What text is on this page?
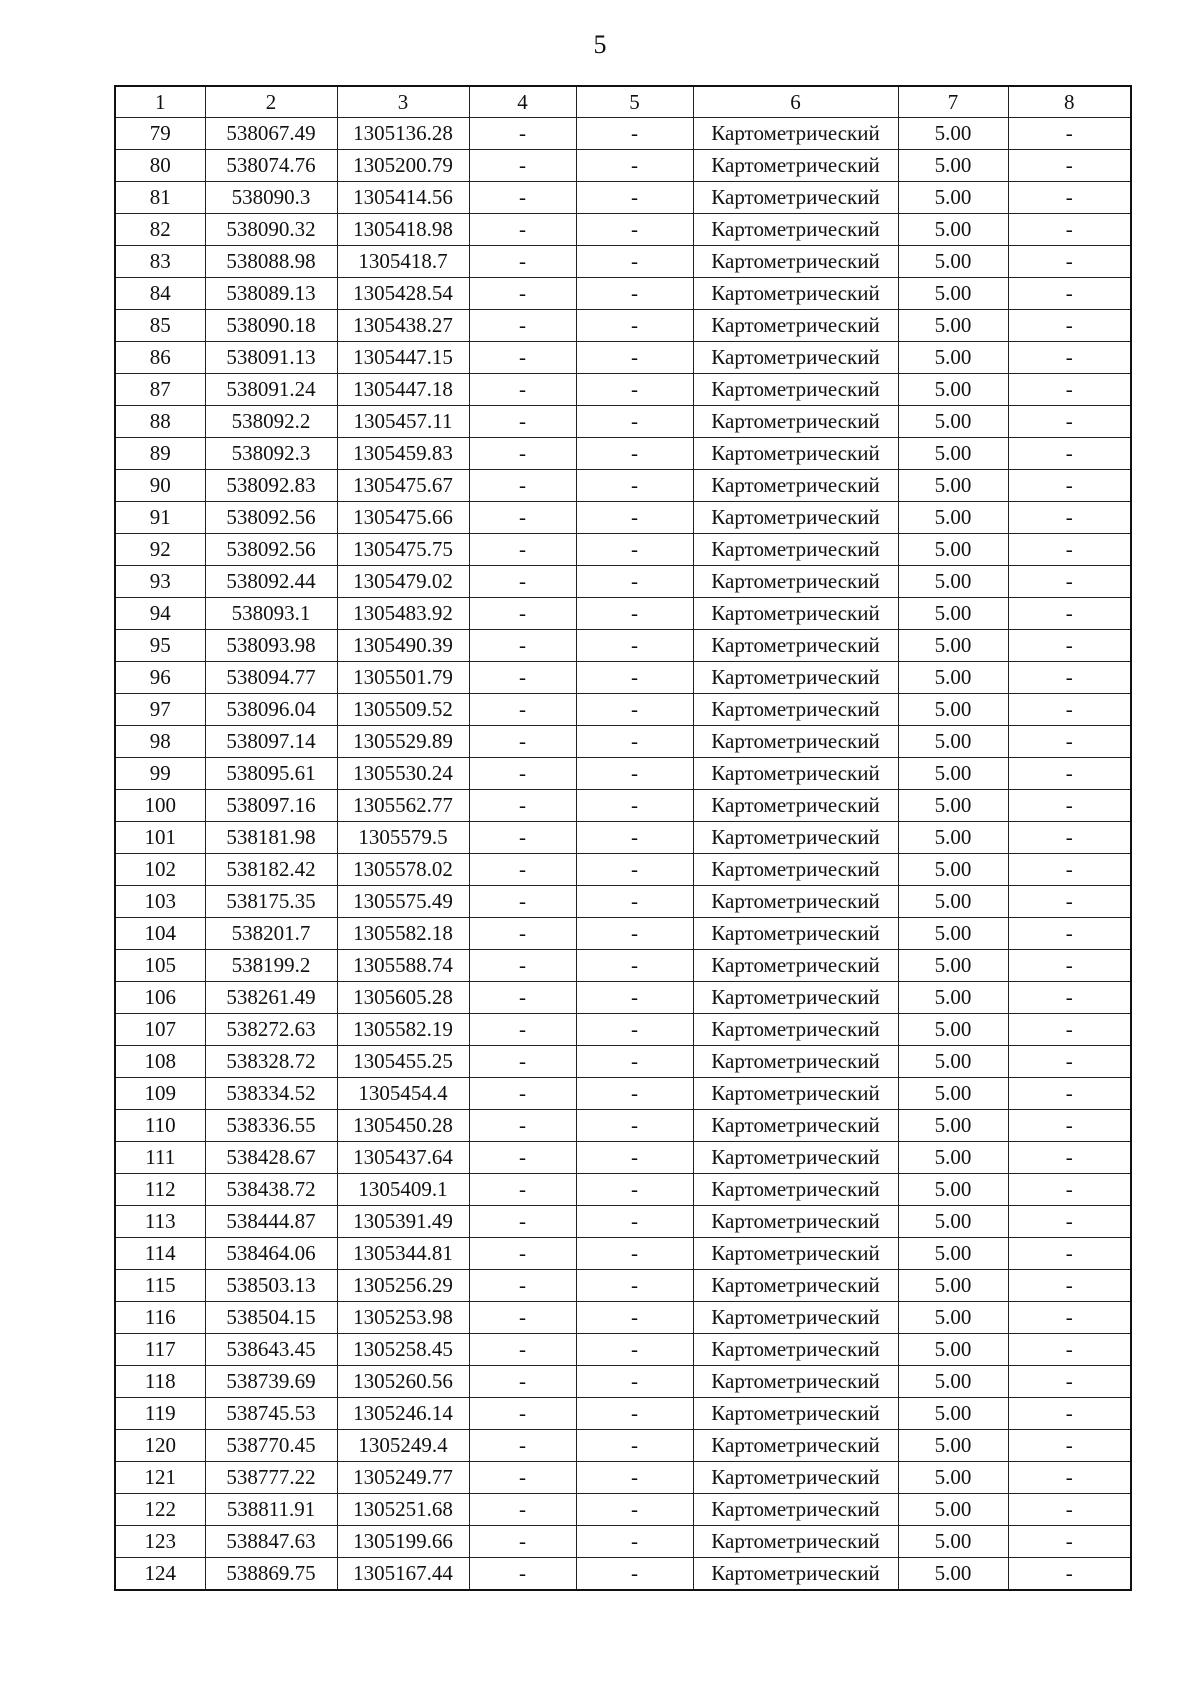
5
1	2	3	4	5	6	7	8
79	538067.49	1305136.28	-	-	Картометрический	5.00	-
80	538074.76	1305200.79	-	-	Картометрический	5.00	-
81	538090.3	1305414.56	-	-	Картометрический	5.00	-
82	538090.32	1305418.98	-	-	Картометрический	5.00	-
83	538088.98	1305418.7	-	-	Картометрический	5.00	-
84	538089.13	1305428.54	-	-	Картометрический	5.00	-
85	538090.18	1305438.27	-	-	Картометрический	5.00	-
86	538091.13	1305447.15	-	-	Картометрический	5.00	-
87	538091.24	1305447.18	-	-	Картометрический	5.00	-
88	538092.2	1305457.11	-	-	Картометрический	5.00	-
89	538092.3	1305459.83	-	-	Картометрический	5.00	-
90	538092.83	1305475.67	-	-	Картометрический	5.00	-
91	538092.56	1305475.66	-	-	Картометрический	5.00	-
92	538092.56	1305475.75	-	-	Картометрический	5.00	-
93	538092.44	1305479.02	-	-	Картометрический	5.00	-
94	538093.1	1305483.92	-	-	Картометрический	5.00	-
95	538093.98	1305490.39	-	-	Картометрический	5.00	-
96	538094.77	1305501.79	-	-	Картометрический	5.00	-
97	538096.04	1305509.52	-	-	Картометрический	5.00	-
98	538097.14	1305529.89	-	-	Картометрический	5.00	-
99	538095.61	1305530.24	-	-	Картометрический	5.00	-
100	538097.16	1305562.77	-	-	Картометрический	5.00	-
101	538181.98	1305579.5	-	-	Картометрический	5.00	-
102	538182.42	1305578.02	-	-	Картометрический	5.00	-
103	538175.35	1305575.49	-	-	Картометрический	5.00	-
104	538201.7	1305582.18	-	-	Картометрический	5.00	-
105	538199.2	1305588.74	-	-	Картометрический	5.00	-
106	538261.49	1305605.28	-	-	Картометрический	5.00	-
107	538272.63	1305582.19	-	-	Картометрический	5.00	-
108	538328.72	1305455.25	-	-	Картометрический	5.00	-
109	538334.52	1305454.4	-	-	Картометрический	5.00	-
110	538336.55	1305450.28	-	-	Картометрический	5.00	-
111	538428.67	1305437.64	-	-	Картометрический	5.00	-
112	538438.72	1305409.1	-	-	Картометрический	5.00	-
113	538444.87	1305391.49	-	-	Картометрический	5.00	-
114	538464.06	1305344.81	-	-	Картометрический	5.00	-
115	538503.13	1305256.29	-	-	Картометрический	5.00	-
116	538504.15	1305253.98	-	-	Картометрический	5.00	-
117	538643.45	1305258.45	-	-	Картометрический	5.00	-
118	538739.69	1305260.56	-	-	Картометрический	5.00	-
119	538745.53	1305246.14	-	-	Картометрический	5.00	-
120	538770.45	1305249.4	-	-	Картометрический	5.00	-
121	538777.22	1305249.77	-	-	Картометрический	5.00	-
122	538811.91	1305251.68	-	-	Картометрический	5.00	-
123	538847.63	1305199.66	-	-	Картометрический	5.00	-
124	538869.75	1305167.44	-	-	Картометрический	5.00	-
